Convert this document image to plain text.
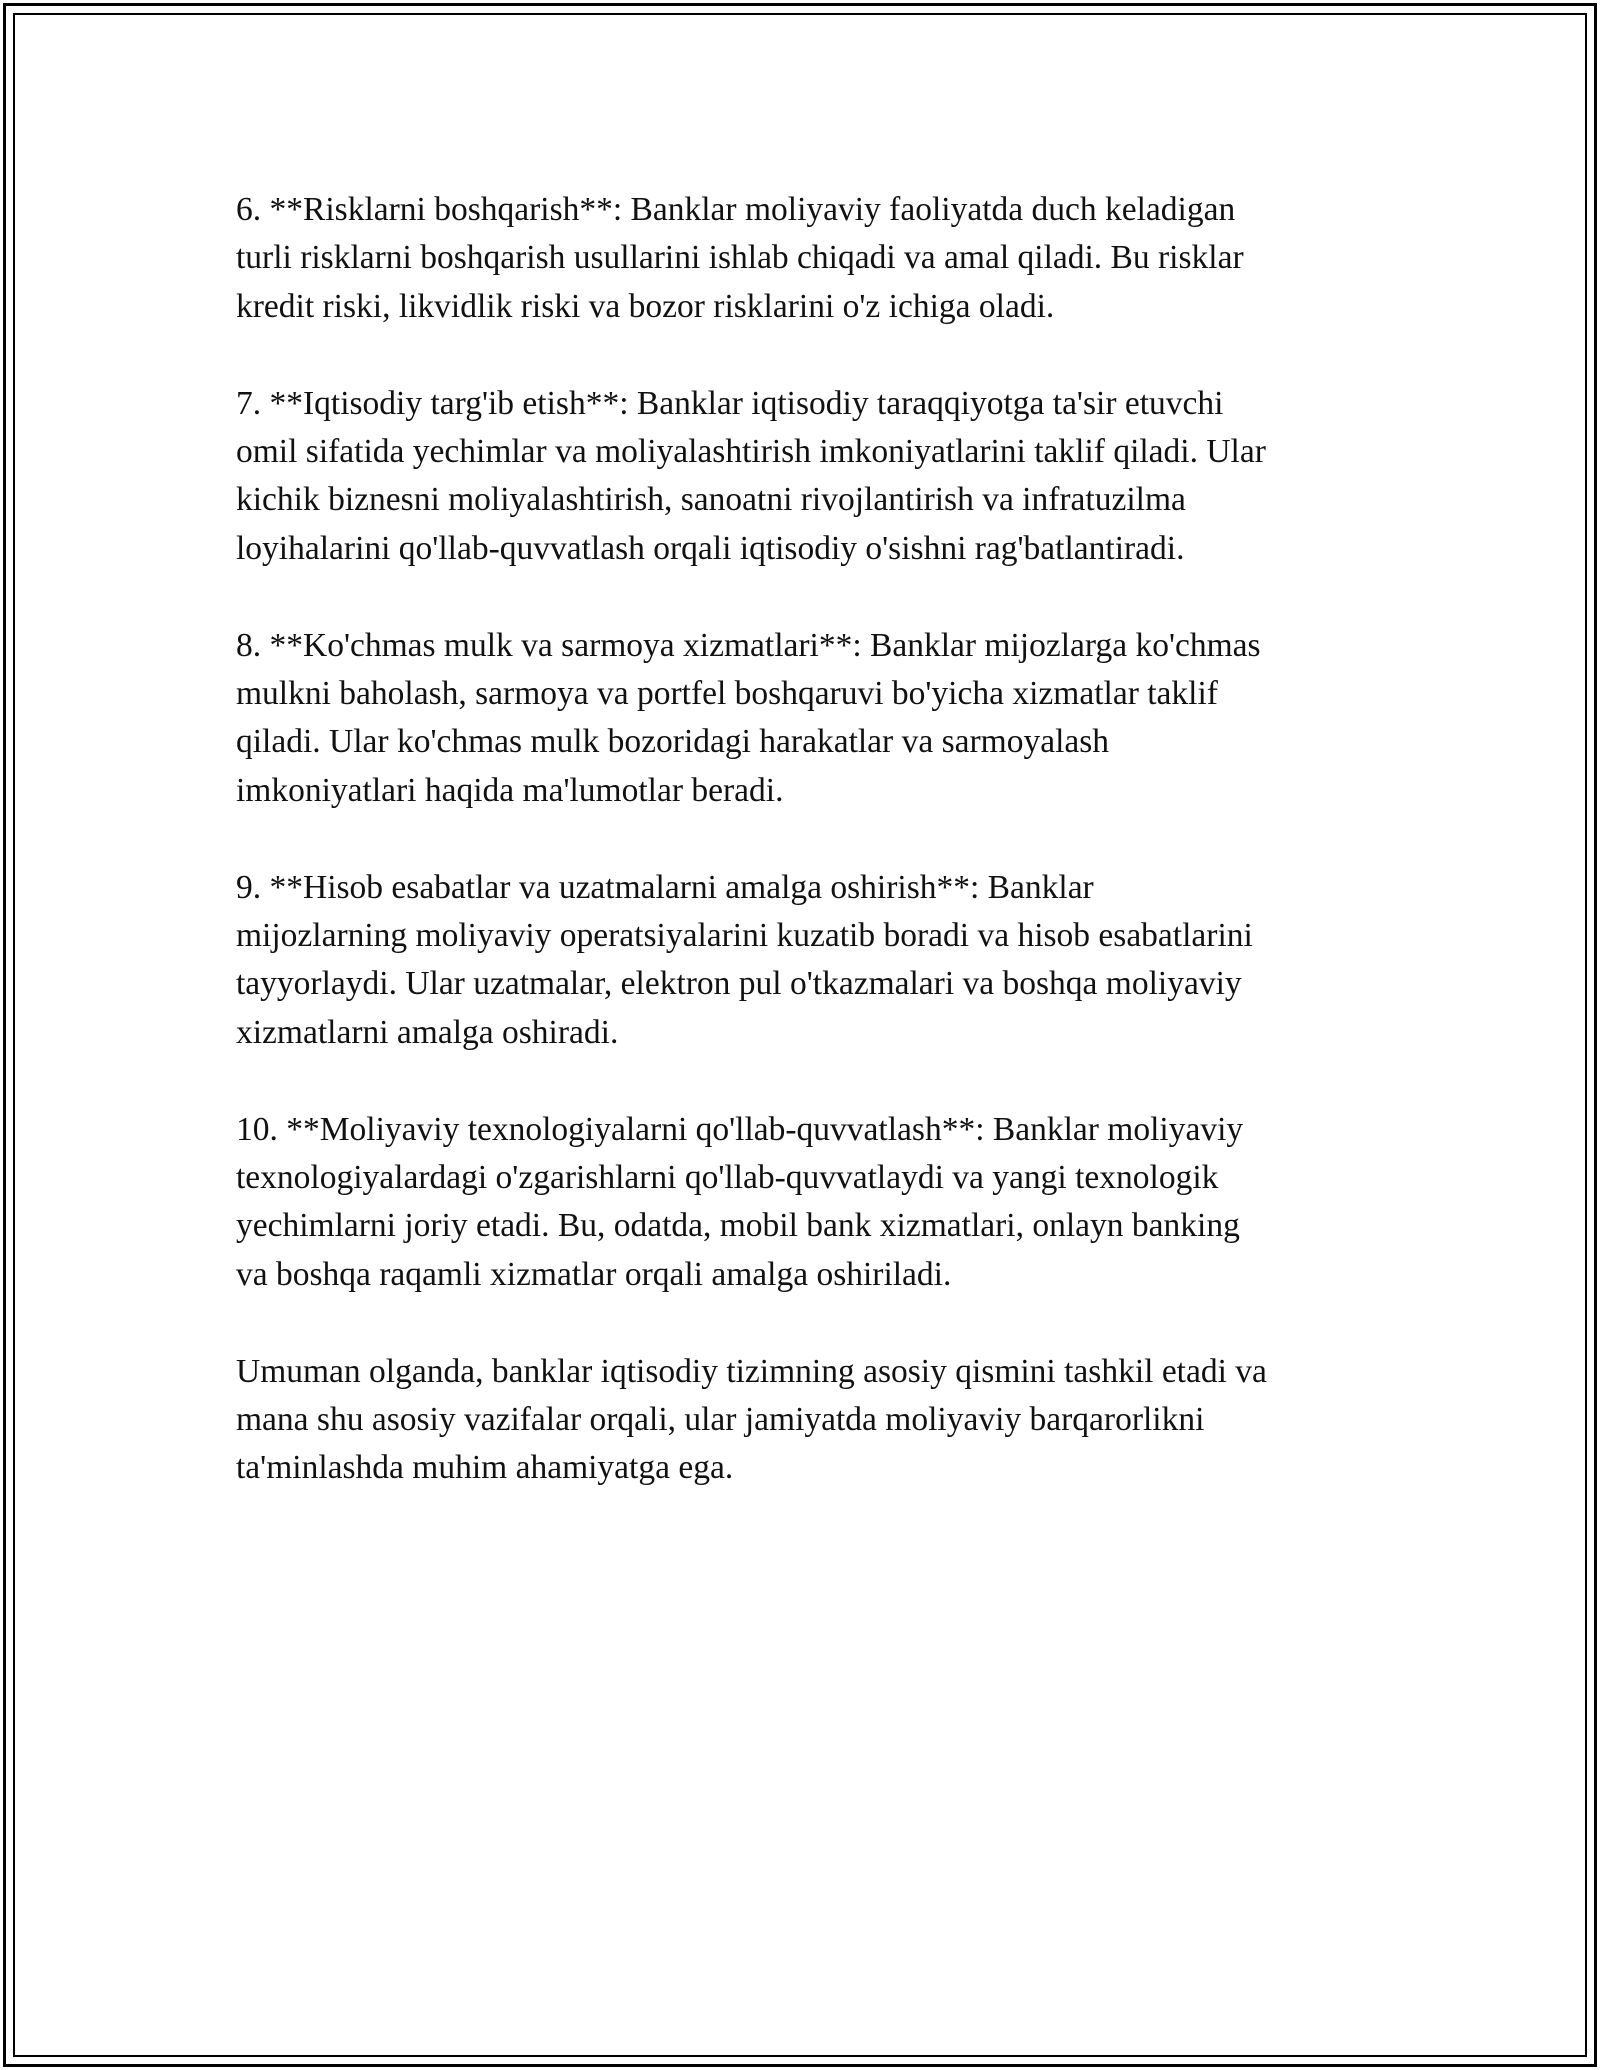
6. **Risklarni boshqarish**: Banklar moliyaviy faoliyatda duch keladigan
turli risklarni boshqarish usullarini ishlab chiqadi va amal qiladi. Bu risklar
kredit riski, likvidlik riski va bozor risklarini o'z ichiga oladi.

7. **Iqtisodiy targ'ib etish**: Banklar iqtisodiy taraqqiyotga ta'sir etuvchi
omil sifatida yechimlar va moliyalashtirish imkoniyatlarini taklif qiladi. Ular
kichik biznesni moliyalashtirish, sanoatni rivojlantirish va infratuzilma
loyihalarini qo'llab-quvvatlash orqali iqtisodiy o'sishni rag'batlantiradi.

8. **Ko'chmas mulk va sarmoya xizmatlari**: Banklar mijozlarga ko'chmas
mulkni baholash, sarmoya va portfel boshqaruvi bo'yicha xizmatlar taklif
qiladi. Ular ko'chmas mulk bozoridagi harakatlar va sarmoyalash
imkoniyatlari haqida ma'lumotlar beradi.

9. **Hisob esabatlar va uzatmalarni amalga oshirish**: Banklar
mijozlarning moliyaviy operatsiyalarini kuzatib boradi va hisob esabatlarini
tayyorlaydi. Ular uzatmalar, elektron pul o'tkazmalari va boshqa moliyaviy
xizmatlarni amalga oshiradi.

10. **Moliyaviy texnologiyalarni qo'llab-quvvatlash**: Banklar moliyaviy
texnologiyalardagi o'zgarishlarni qo'llab-quvvatlaydi va yangi texnologik
yechimlarni joriy etadi. Bu, odatda, mobil bank xizmatlari, onlayn banking
va boshqa raqamli xizmatlar orqali amalga oshiriladi.

Umuman olganda, banklar iqtisodiy tizimning asosiy qismini tashkil etadi va
mana shu asosiy vazifalar orqali, ular jamiyatda moliyaviy barqarorlikni
ta'minlashda muhim ahamiyatga ega.
